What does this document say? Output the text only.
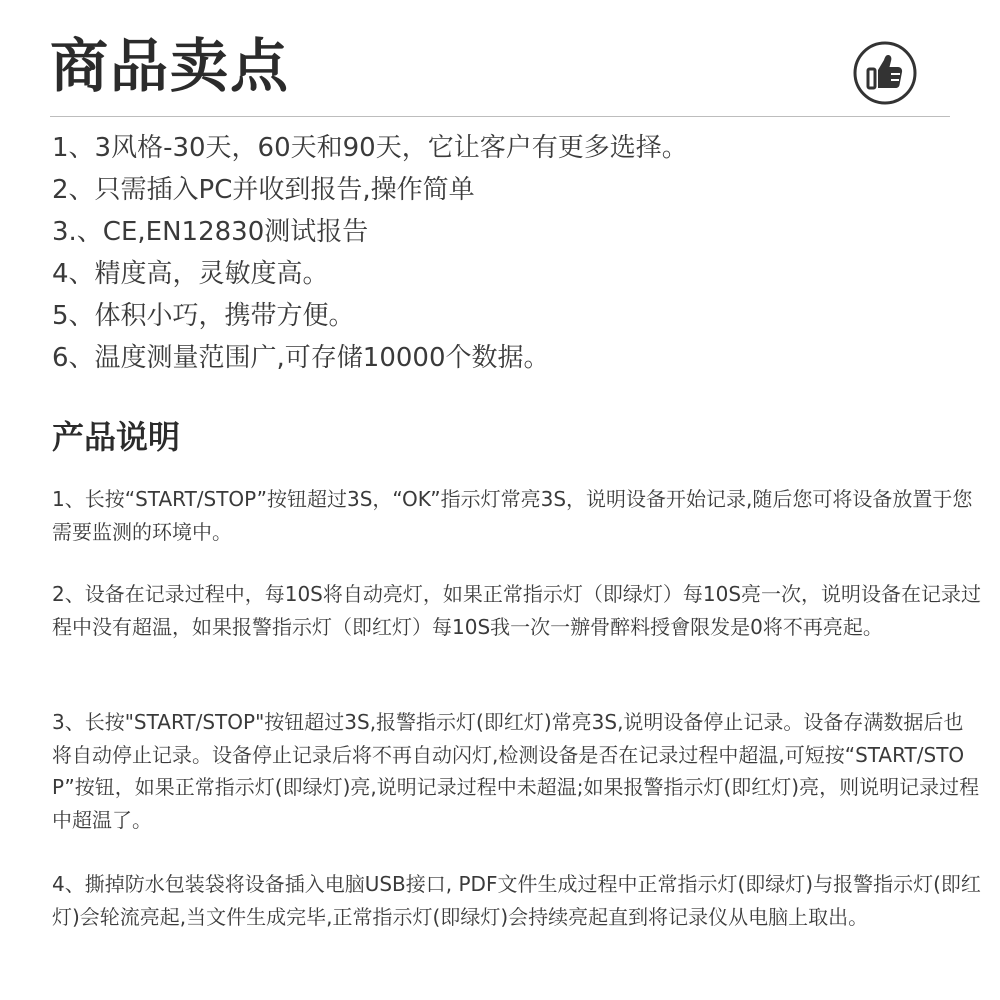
商品卖点
1、3风格-30天，60天和90天，它让客户有更多选择。
2、只需插入PC并收到报告,操作简单
3.、CE,EN12830测试报告
4、精度高，灵敏度高。
5、体积小巧，携带方便。
6、温度测量范围广,可存储10000个数据。
产品说明

1、长按“START/STOP”按钮超过3S，“OK”指示灯常亮3S，说明设备开始记录,随后您可将设备放置于您需要监测的环境中。

2、设备在记录过程中，每10S将自动亮灯，如果正常指示灯（即绿灯）每10S亮一次，说明设备在记录过程中没有超温，如果报警指示灯（即红灯）每10S我一次一辦骨醉料授會限发是0将不再亮起。

3、长按"START/STOP"按钮超过3S,报警指示灯(即红灯)常亮3S,说明设备停止记录。设备存满数据后也将自动停止记录。设备停止记录后将不再自动闪灯,检测设备是否在记录过程中超温,可短按“START/STOP”按钮，如果正常指示灯(即绿灯)亮,说明记录过程中未超温;如果报警指示灯(即红灯)亮，则说明记录过程中超温了。

4、撕掉防水包装袋将设备插入电脑USB接口, PDF文件生成过程中正常指示灯(即绿灯)与报警指示灯(即红灯)会轮流亮起,当文件生成完毕,正常指示灯(即绿灯)会持续亮起直到将记录仪从电脑上取出。
